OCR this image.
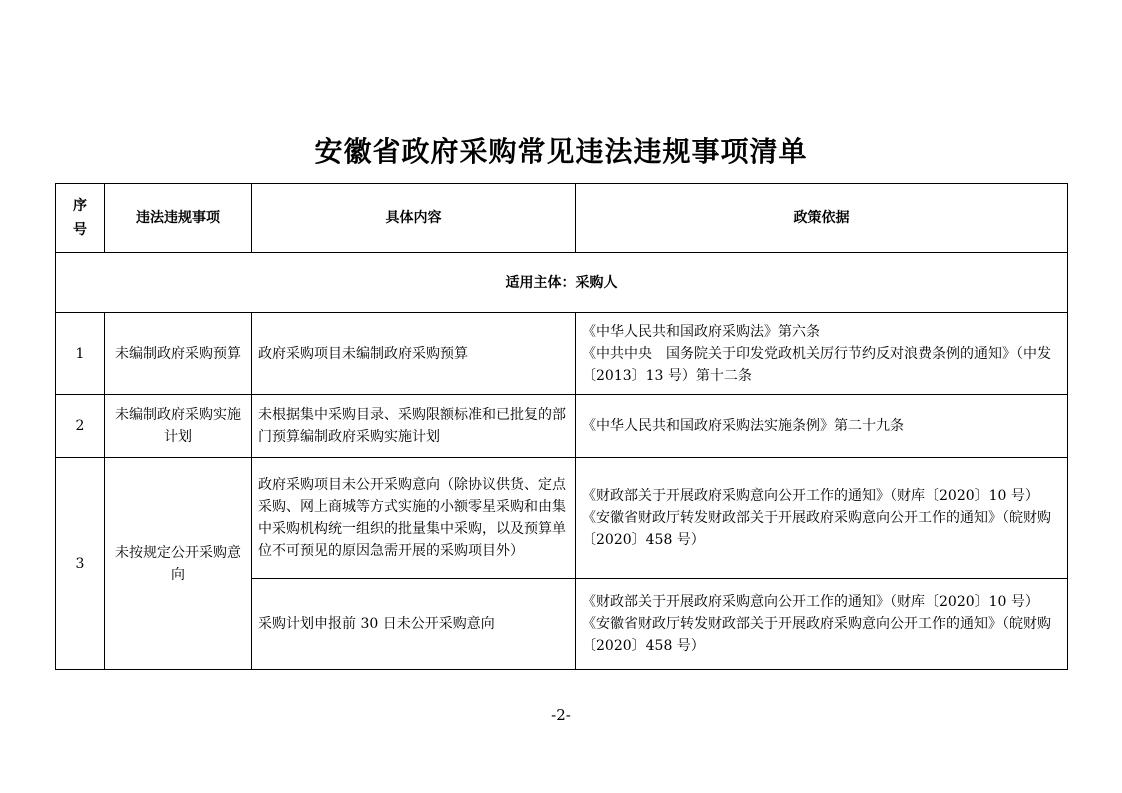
安徽省政府采购常见违法违规事项清单
序号	违法违规事项	具体内容	政策依据
适用主体：采购人			
1	未编制政府采购预算	政府采购项目未编制政府采购预算	《中华人民共和国政府采购法》第六条
《中共中央　国务院关于印发党政机关厉行节约反对浪费条例的通知》（中发〔2013〕13 号）第十二条

2	未编制政府采购实施计划	未根据集中采购目录、采购限额标准和已批复的部门预算编制政府采购实施计划	《中华人民共和国政府采购法实施条例》第二十九条

3	未按规定公开采购意向	政府采购项目未公开采购意向（除协议供货、定点采购、网上商城等方式实施的小额零星采购和由集中采购机构统一组织的批量集中采购，以及预算单位不可预见的原因急需开展的采购项目外）	《财政部关于开展政府采购意向公开工作的通知》（财库〔2020〕10 号）
《安徽省财政厅转发财政部关于开展政府采购意向公开工作的通知》（皖财购〔2020〕458 号）

		采购计划申报前 30 日未公开采购意向	《财政部关于开展政府采购意向公开工作的通知》（财库〔2020〕10 号）
《安徽省财政厅转发财政部关于开展政府采购意向公开工作的通知》（皖财购〔2020〕458 号）
-2-
